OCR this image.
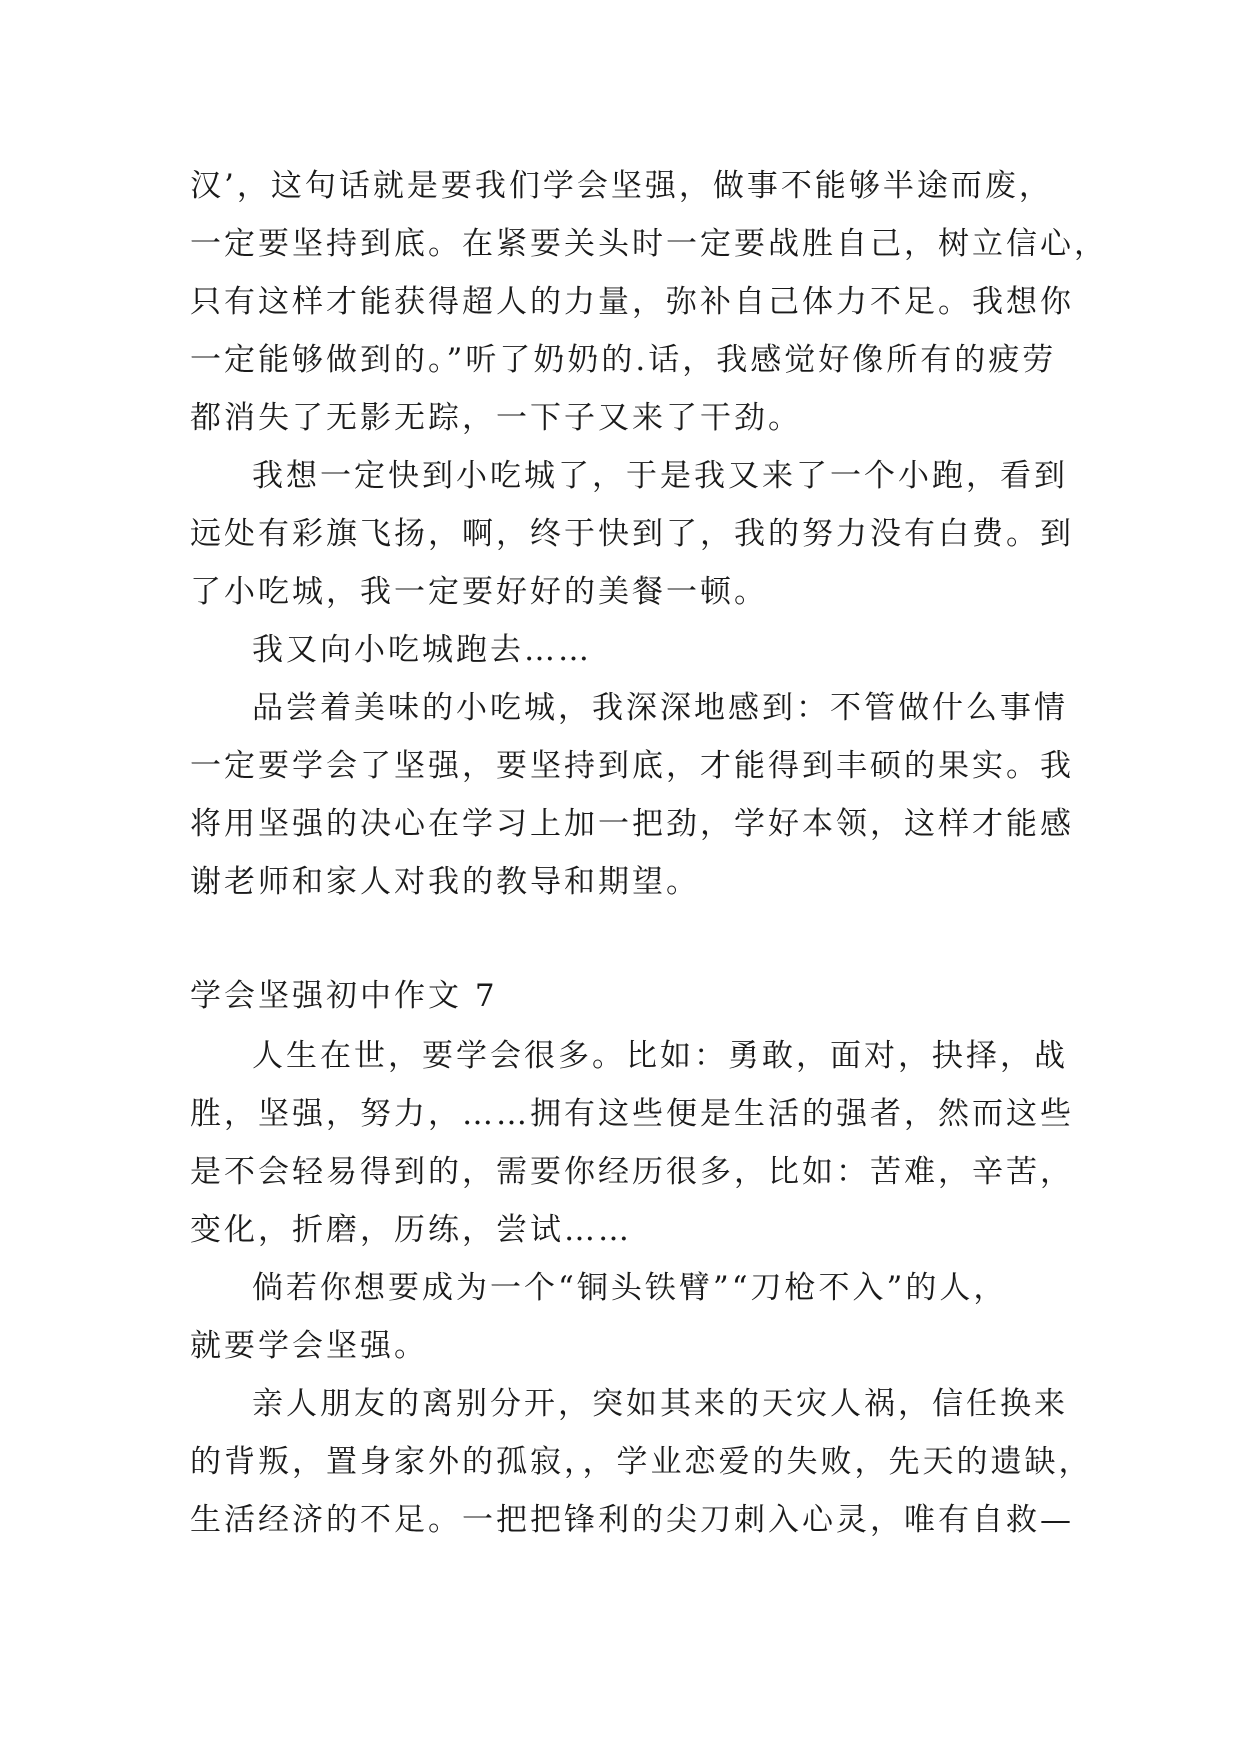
汉’，这句话就是要我们学会坚强，做事不能够半途而废，
一定要坚持到底。在紧要关头时一定要战胜自己，树立信心，
只有这样才能获得超人的力量，弥补自己体力不足。我想你
一定能够做到的。”听了奶奶的.话，我感觉好像所有的疲劳
都消失了无影无踪，一下子又来了干劲。
我想一定快到小吃城了，于是我又来了一个小跑，看到
远处有彩旗飞扬，啊，终于快到了，我的努力没有白费。到
了小吃城，我一定要好好的美餐一顿。
我又向小吃城跑去……
品尝着美味的小吃城，我深深地感到：不管做什么事情
一定要学会了坚强，要坚持到底，才能得到丰硕的果实。我
将用坚强的决心在学习上加一把劲，学好本领，这样才能感
谢老师和家人对我的教导和期望。
学会坚强初中作文 7
人生在世，要学会很多。比如：勇敢，面对，抉择，战
胜，坚强，努力，……拥有这些便是生活的强者，然而这些
是不会轻易得到的，需要你经历很多，比如：苦难，辛苦，
变化，折磨，历练，尝试……
倘若你想要成为一个“铜头铁臂”“刀枪不入”的人，
就要学会坚强。
亲人朋友的离别分开，突如其来的天灾人祸，信任换来
的背叛，置身家外的孤寂，，学业恋爱的失败，先天的遗缺，
生活经济的不足。一把把锋利的尖刀刺入心灵，唯有自救—
